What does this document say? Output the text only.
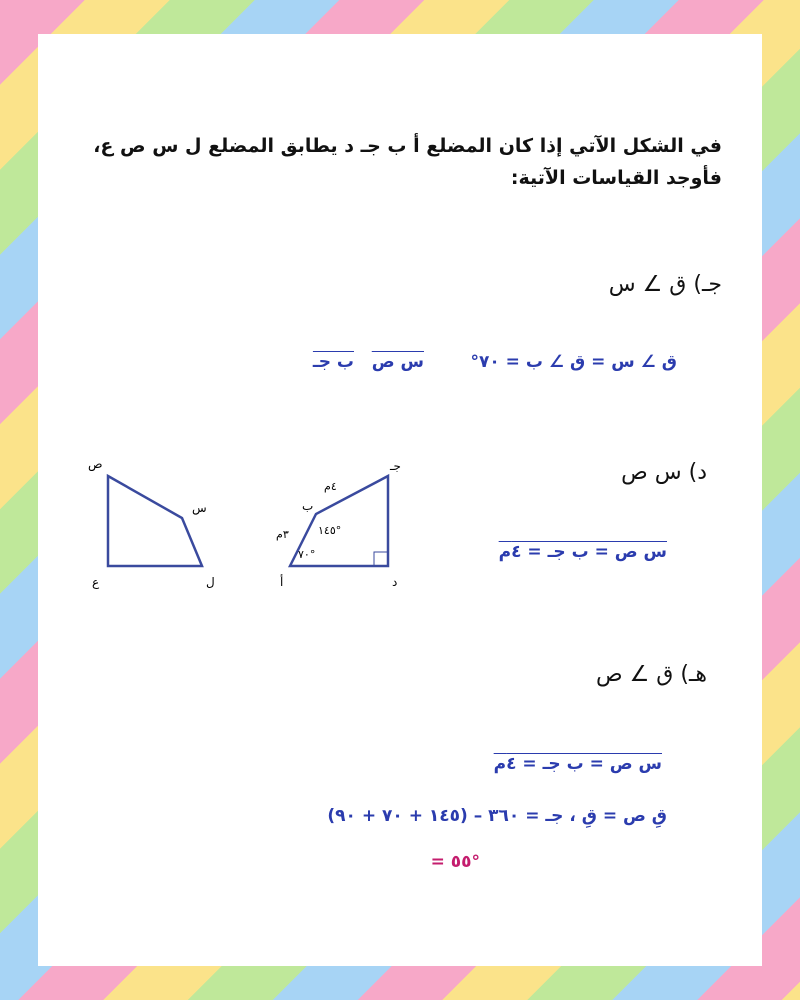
في الشكل الآتي إذا كان المضلع أ ب جـ د يطابق المضلع ل س ص ع، فأوجد القياسات الآتية:
جـ) ق ∠ س
ق ∠ س = ق ∠ ب = ٧٠°
س ص
ب جـ
د) س ص
س ص = ب جـ = ٤م
هـ) ق ∠ ص
س ص = ب جـ = ٤م
قِ ص = قِ ، جـ = ٣٦٠ – (١٤٥ + ٧٠ + ٩٠)
= ٥٥°
ص
س
ع	ل
جـ
ب
أ	د
٤م
٣م	١٤٥°
٧٠°
